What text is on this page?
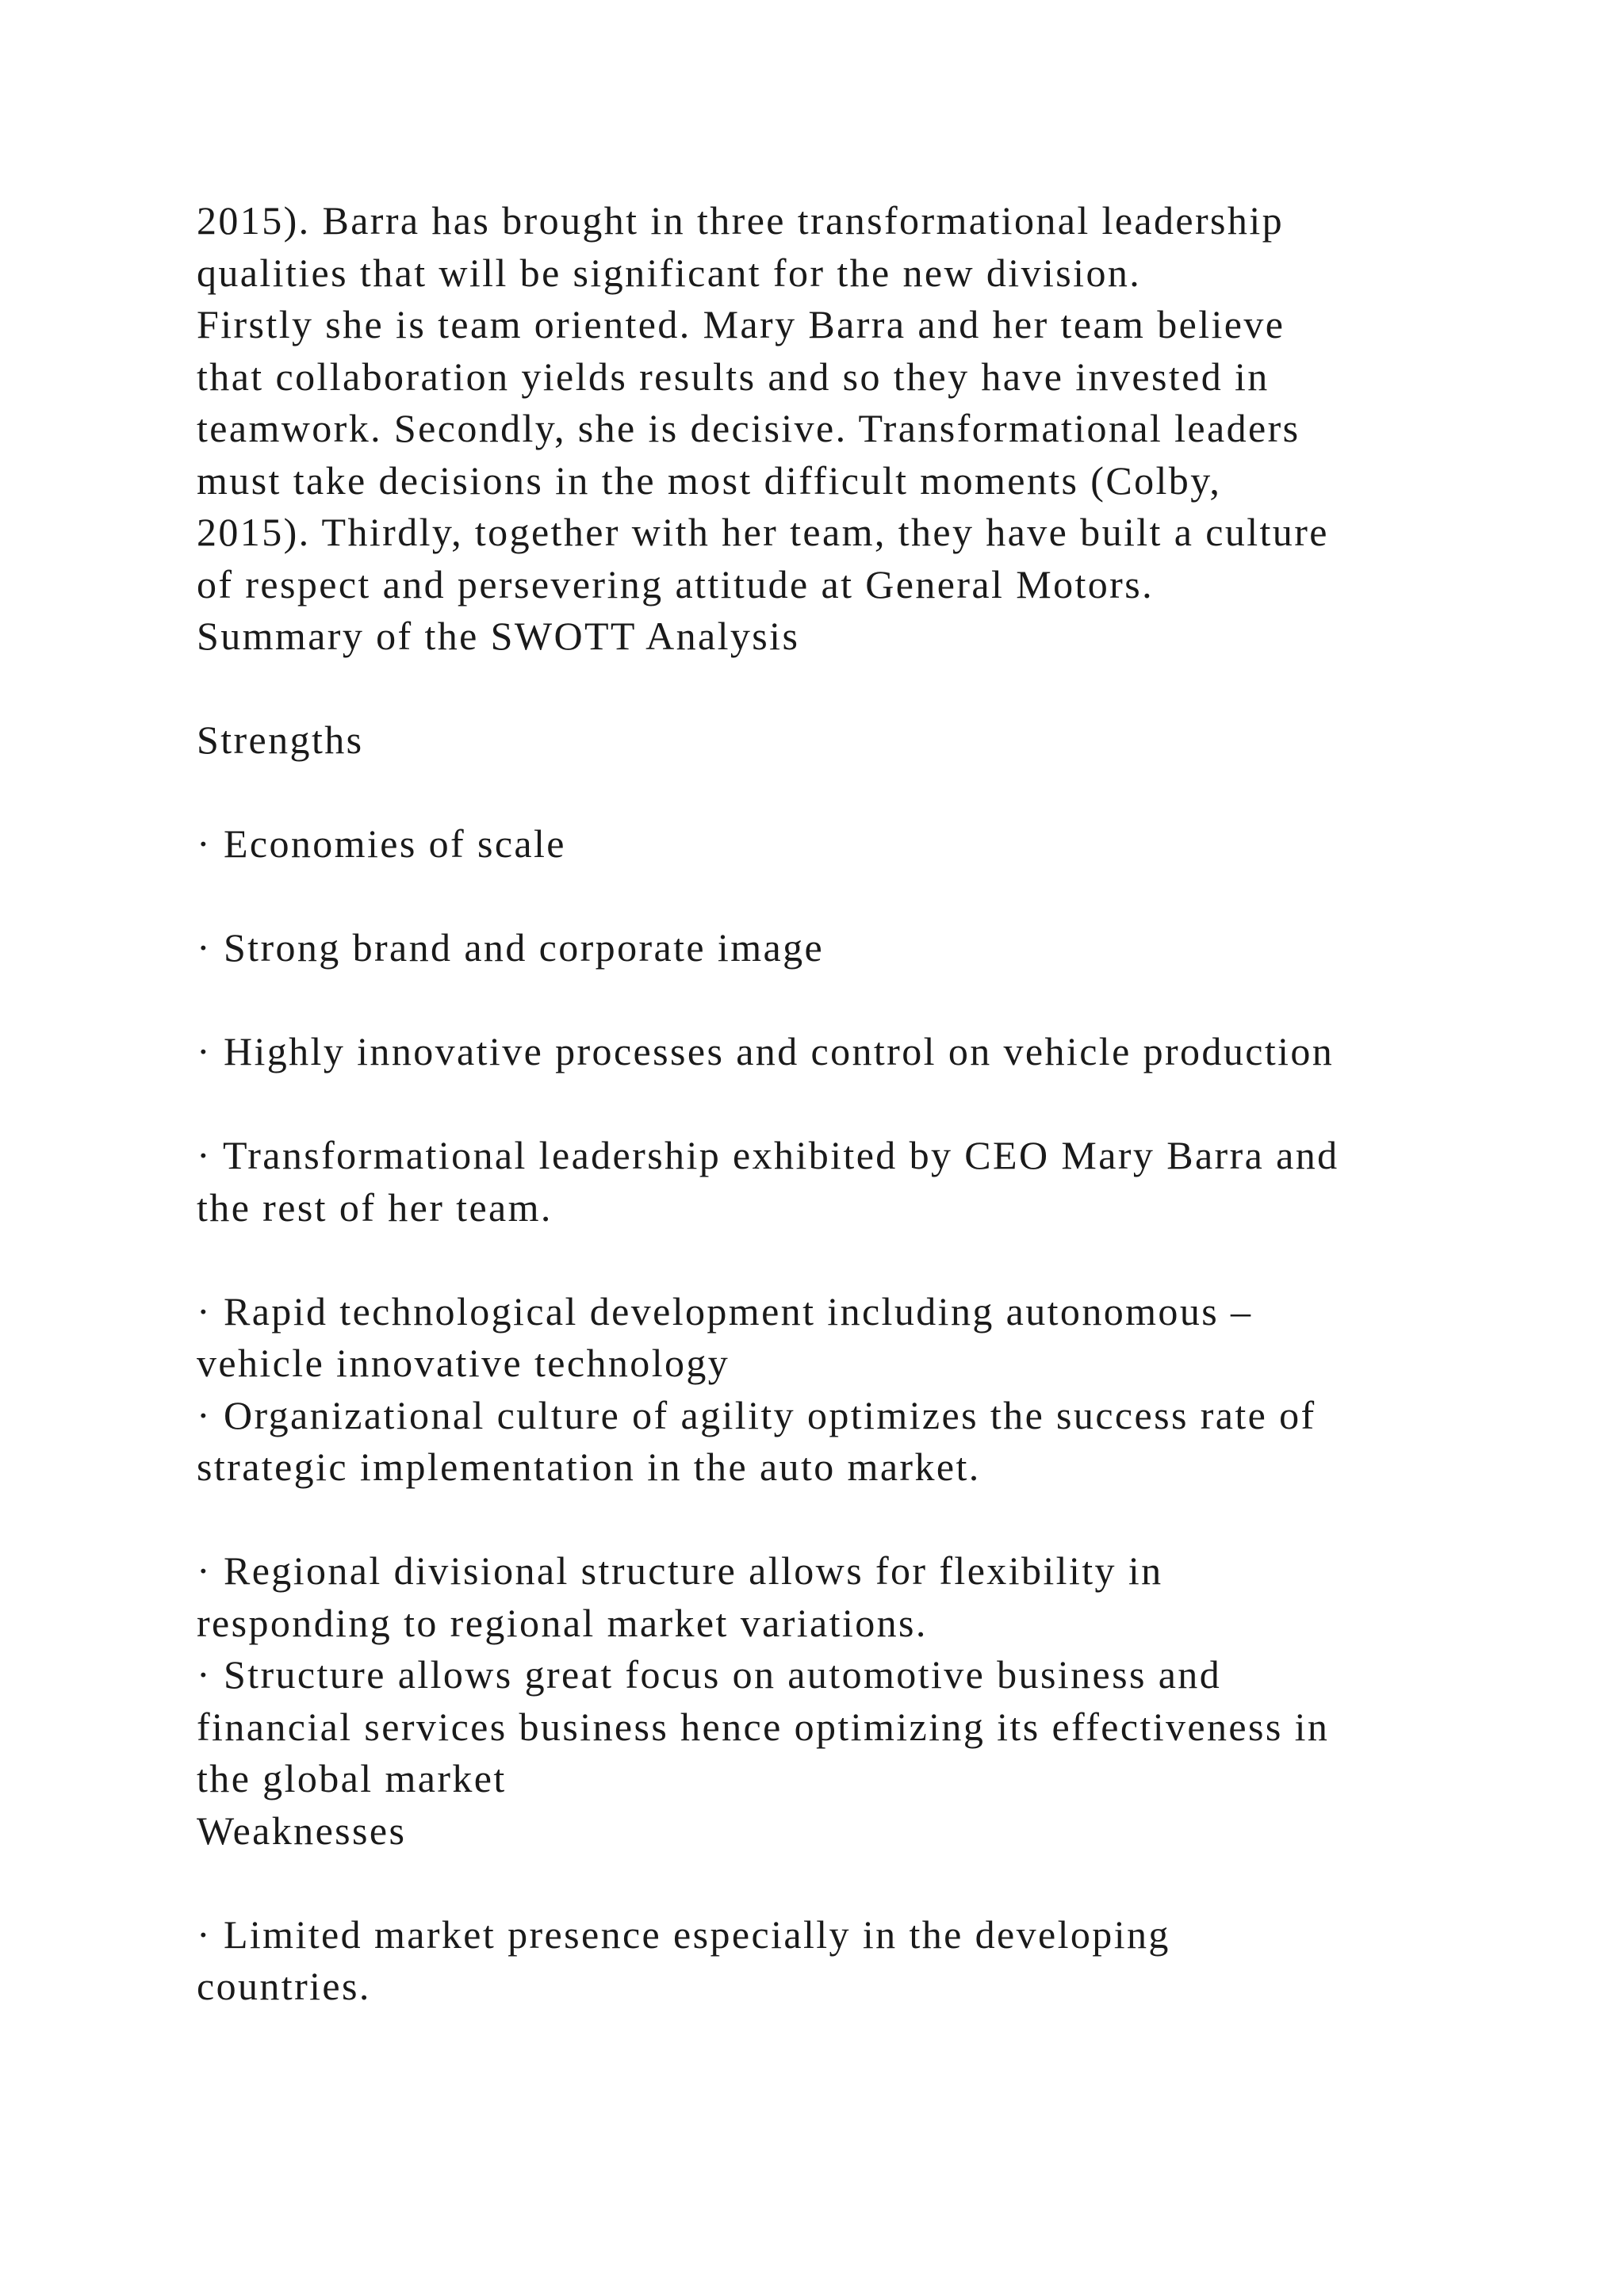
2015). Barra has brought in three transformational leadership
qualities that will be significant for the new division.
Firstly she is team oriented. Mary Barra and her team believe
that collaboration yields results and so they have invested in
teamwork. Secondly, she is decisive. Transformational leaders
must take decisions in the most difficult moments (Colby,
2015). Thirdly, together with her team, they have built a culture
of respect and persevering attitude at General Motors.
Summary of the SWOTT Analysis
Strengths
· Economies of scale
· Strong brand and corporate image
· Highly innovative processes and control on vehicle production
· Transformational leadership exhibited by CEO Mary Barra and
the rest of her team.
· Rapid technological development including autonomous –
vehicle innovative technology
· Organizational culture of agility optimizes the success rate of
strategic implementation in the auto market.
· Regional divisional structure allows for flexibility in
responding to regional market variations.
· Structure allows great focus on automotive business and
financial services business hence optimizing its effectiveness in
the global market
Weaknesses
· Limited market presence especially in the developing
countries.
